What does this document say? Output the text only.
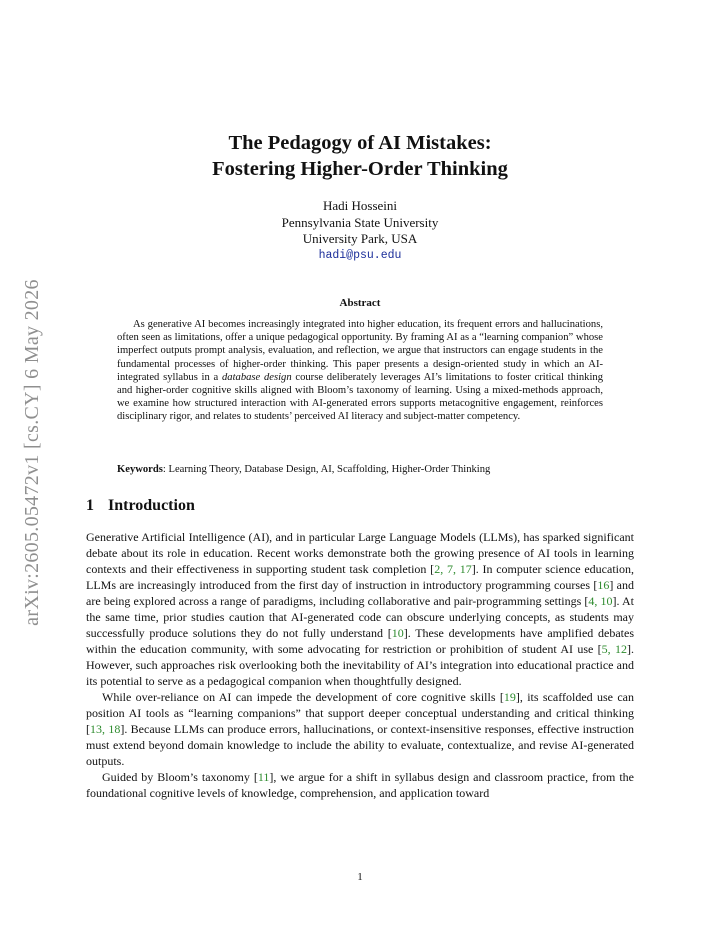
arXiv:2605.05472v1 [cs.CY] 6 May 2026
The Pedagogy of AI Mistakes:
Fostering Higher-Order Thinking
Hadi Hosseini
Pennsylvania State University
University Park, USA
hadi@psu.edu
Abstract

As generative AI becomes increasingly integrated into higher education, its frequent errors and hallucinations, often seen as limitations, offer a unique pedagogical opportunity. By framing AI as a “learning companion” whose imperfect outputs prompt analysis, evaluation, and reflection, we argue that instructors can engage students in the fundamental processes of higher-order thinking. This paper presents a design-oriented study in which an AI-integrated syllabus in a database design course deliberately leverages AI’s limitations to foster critical thinking and higher-order cognitive skills aligned with Bloom’s taxonomy of learning. Using a mixed-methods approach, we examine how structured interaction with AI-generated errors supports metacognitive engagement, reinforces disciplinary rigor, and relates to students’ perceived AI literacy and subject-matter competency.

Keywords: Learning Theory, Database Design, AI, Scaffolding, Higher-Order Thinking
1 Introduction

Generative Artificial Intelligence (AI), and in particular Large Language Models (LLMs), has sparked significant debate about its role in education. Recent works demonstrate both the growing presence of AI tools in learning contexts and their effectiveness in supporting student task completion [2, 7, 17]. In computer science education, LLMs are increasingly introduced from the first day of instruction in introductory programming courses [16] and are being explored across a range of paradigms, including collaborative and pair-programming settings [4, 10]. At the same time, prior studies caution that AI-generated code can obscure underlying concepts, as students may successfully produce solutions they do not fully understand [10]. These developments have amplified debates within the education community, with some advocating for restriction or prohibition of student AI use [5, 12]. However, such approaches risk overlooking both the inevitability of AI’s integration into educational practice and its potential to serve as a pedagogical companion when thoughtfully designed.

While over-reliance on AI can impede the development of core cognitive skills [19], its scaffolded use can position AI tools as “learning companions” that support deeper conceptual understanding and critical thinking [13, 18]. Because LLMs can produce errors, hallucinations, or context-insensitive responses, effective instruction must extend beyond domain knowledge to include the ability to evaluate, contextualize, and revise AI-generated outputs.

Guided by Bloom’s taxonomy [11], we argue for a shift in syllabus design and classroom practice, from the foundational cognitive levels of knowledge, comprehension, and application toward

1
